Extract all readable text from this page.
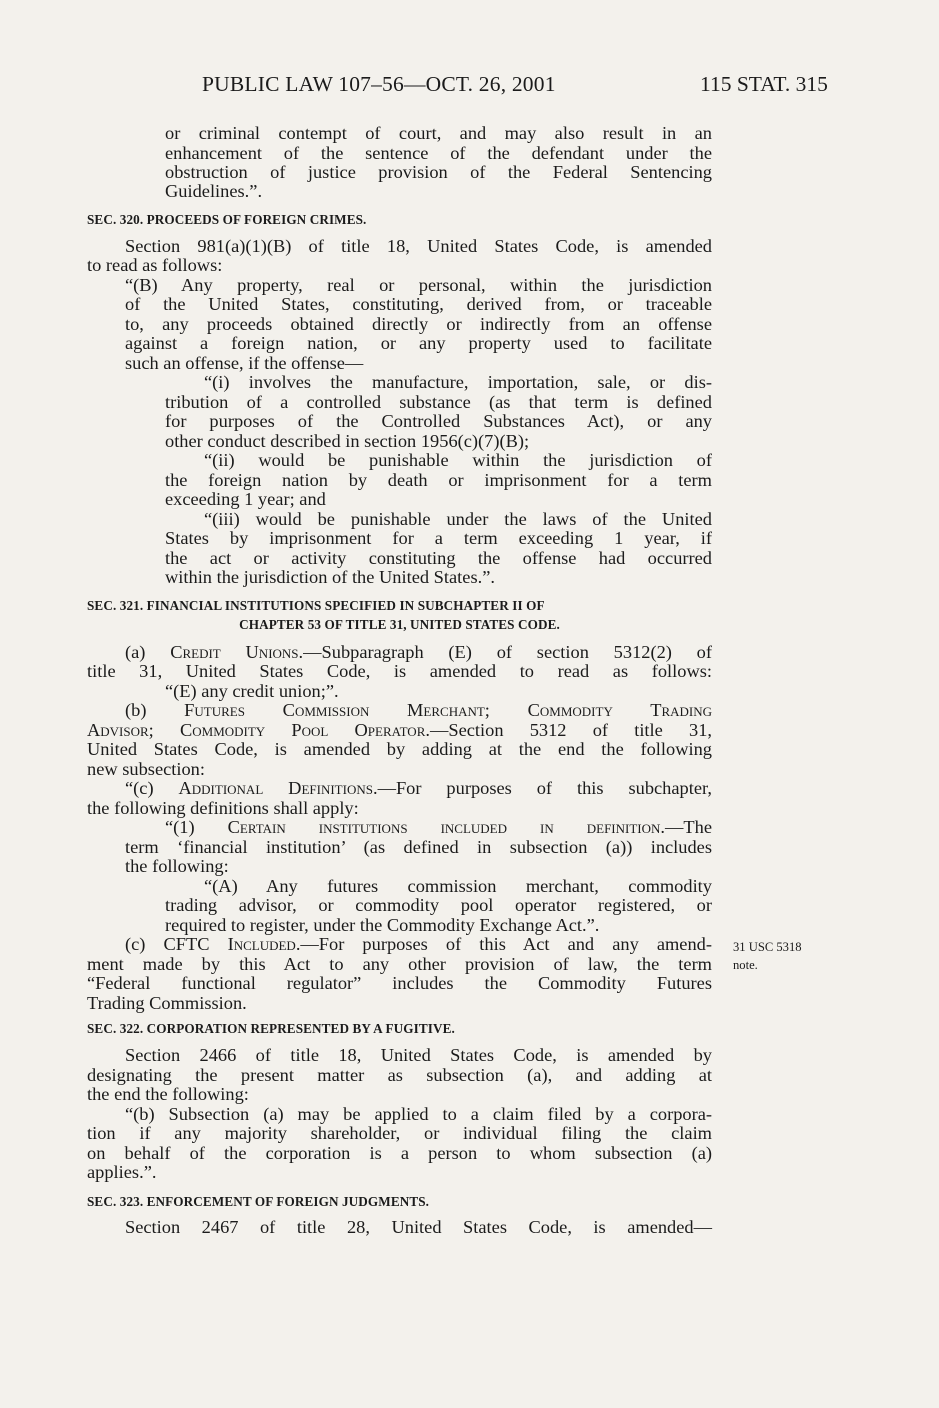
PUBLIC LAW 107–56—OCT. 26, 2001	115 STAT. 315
or criminal contempt of court, and may also result in an
enhancement of the sentence of the defendant under the
obstruction of justice provision of the Federal Sentencing
Guidelines.”.
SEC. 320. PROCEEDS OF FOREIGN CRIMES.
Section 981(a)(1)(B) of title 18, United States Code, is amended
to read as follows:
“(B) Any property, real or personal, within the jurisdiction
of the United States, constituting, derived from, or traceable
to, any proceeds obtained directly or indirectly from an offense
against a foreign nation, or any property used to facilitate
such an offense, if the offense—
“(i) involves the manufacture, importation, sale, or dis-
tribution of a controlled substance (as that term is defined
for purposes of the Controlled Substances Act), or any
other conduct described in section 1956(c)(7)(B);
“(ii) would be punishable within the jurisdiction of
the foreign nation by death or imprisonment for a term
exceeding 1 year; and
“(iii) would be punishable under the laws of the United
States by imprisonment for a term exceeding 1 year, if
the act or activity constituting the offense had occurred
within the jurisdiction of the United States.”.
SEC. 321. FINANCIAL INSTITUTIONS SPECIFIED IN SUBCHAPTER II OF
CHAPTER 53 OF TITLE 31, UNITED STATES CODE.
(a) Credit Unions.—Subparagraph (E) of section 5312(2) of
title 31, United States Code, is amended to read as follows:
“(E) any credit union;”.
(b) Futures Commission Merchant; Commodity Trading
Advisor; Commodity Pool Operator.—Section 5312 of title 31,
United States Code, is amended by adding at the end the following
new subsection:
“(c) Additional Definitions.—For purposes of this subchapter,
the following definitions shall apply:
“(1) Certain institutions included in definition.—The
term ‘financial institution’ (as defined in subsection (a)) includes
the following:
“(A) Any futures commission merchant, commodity
trading advisor, or commodity pool operator registered, or
required to register, under the Commodity Exchange Act.”.
(c) CFTC Included.—For purposes of this Act and any amend-
ment made by this Act to any other provision of law, the term
“Federal functional regulator” includes the Commodity Futures
Trading Commission.
SEC. 322. CORPORATION REPRESENTED BY A FUGITIVE.
Section 2466 of title 18, United States Code, is amended by
designating the present matter as subsection (a), and adding at
the end the following:
“(b) Subsection (a) may be applied to a claim filed by a corpora-
tion if any majority shareholder, or individual filing the claim
on behalf of the corporation is a person to whom subsection (a)
applies.”.
SEC. 323. ENFORCEMENT OF FOREIGN JUDGMENTS.
Section 2467 of title 28, United States Code, is amended—
31 USC 5318
note.
